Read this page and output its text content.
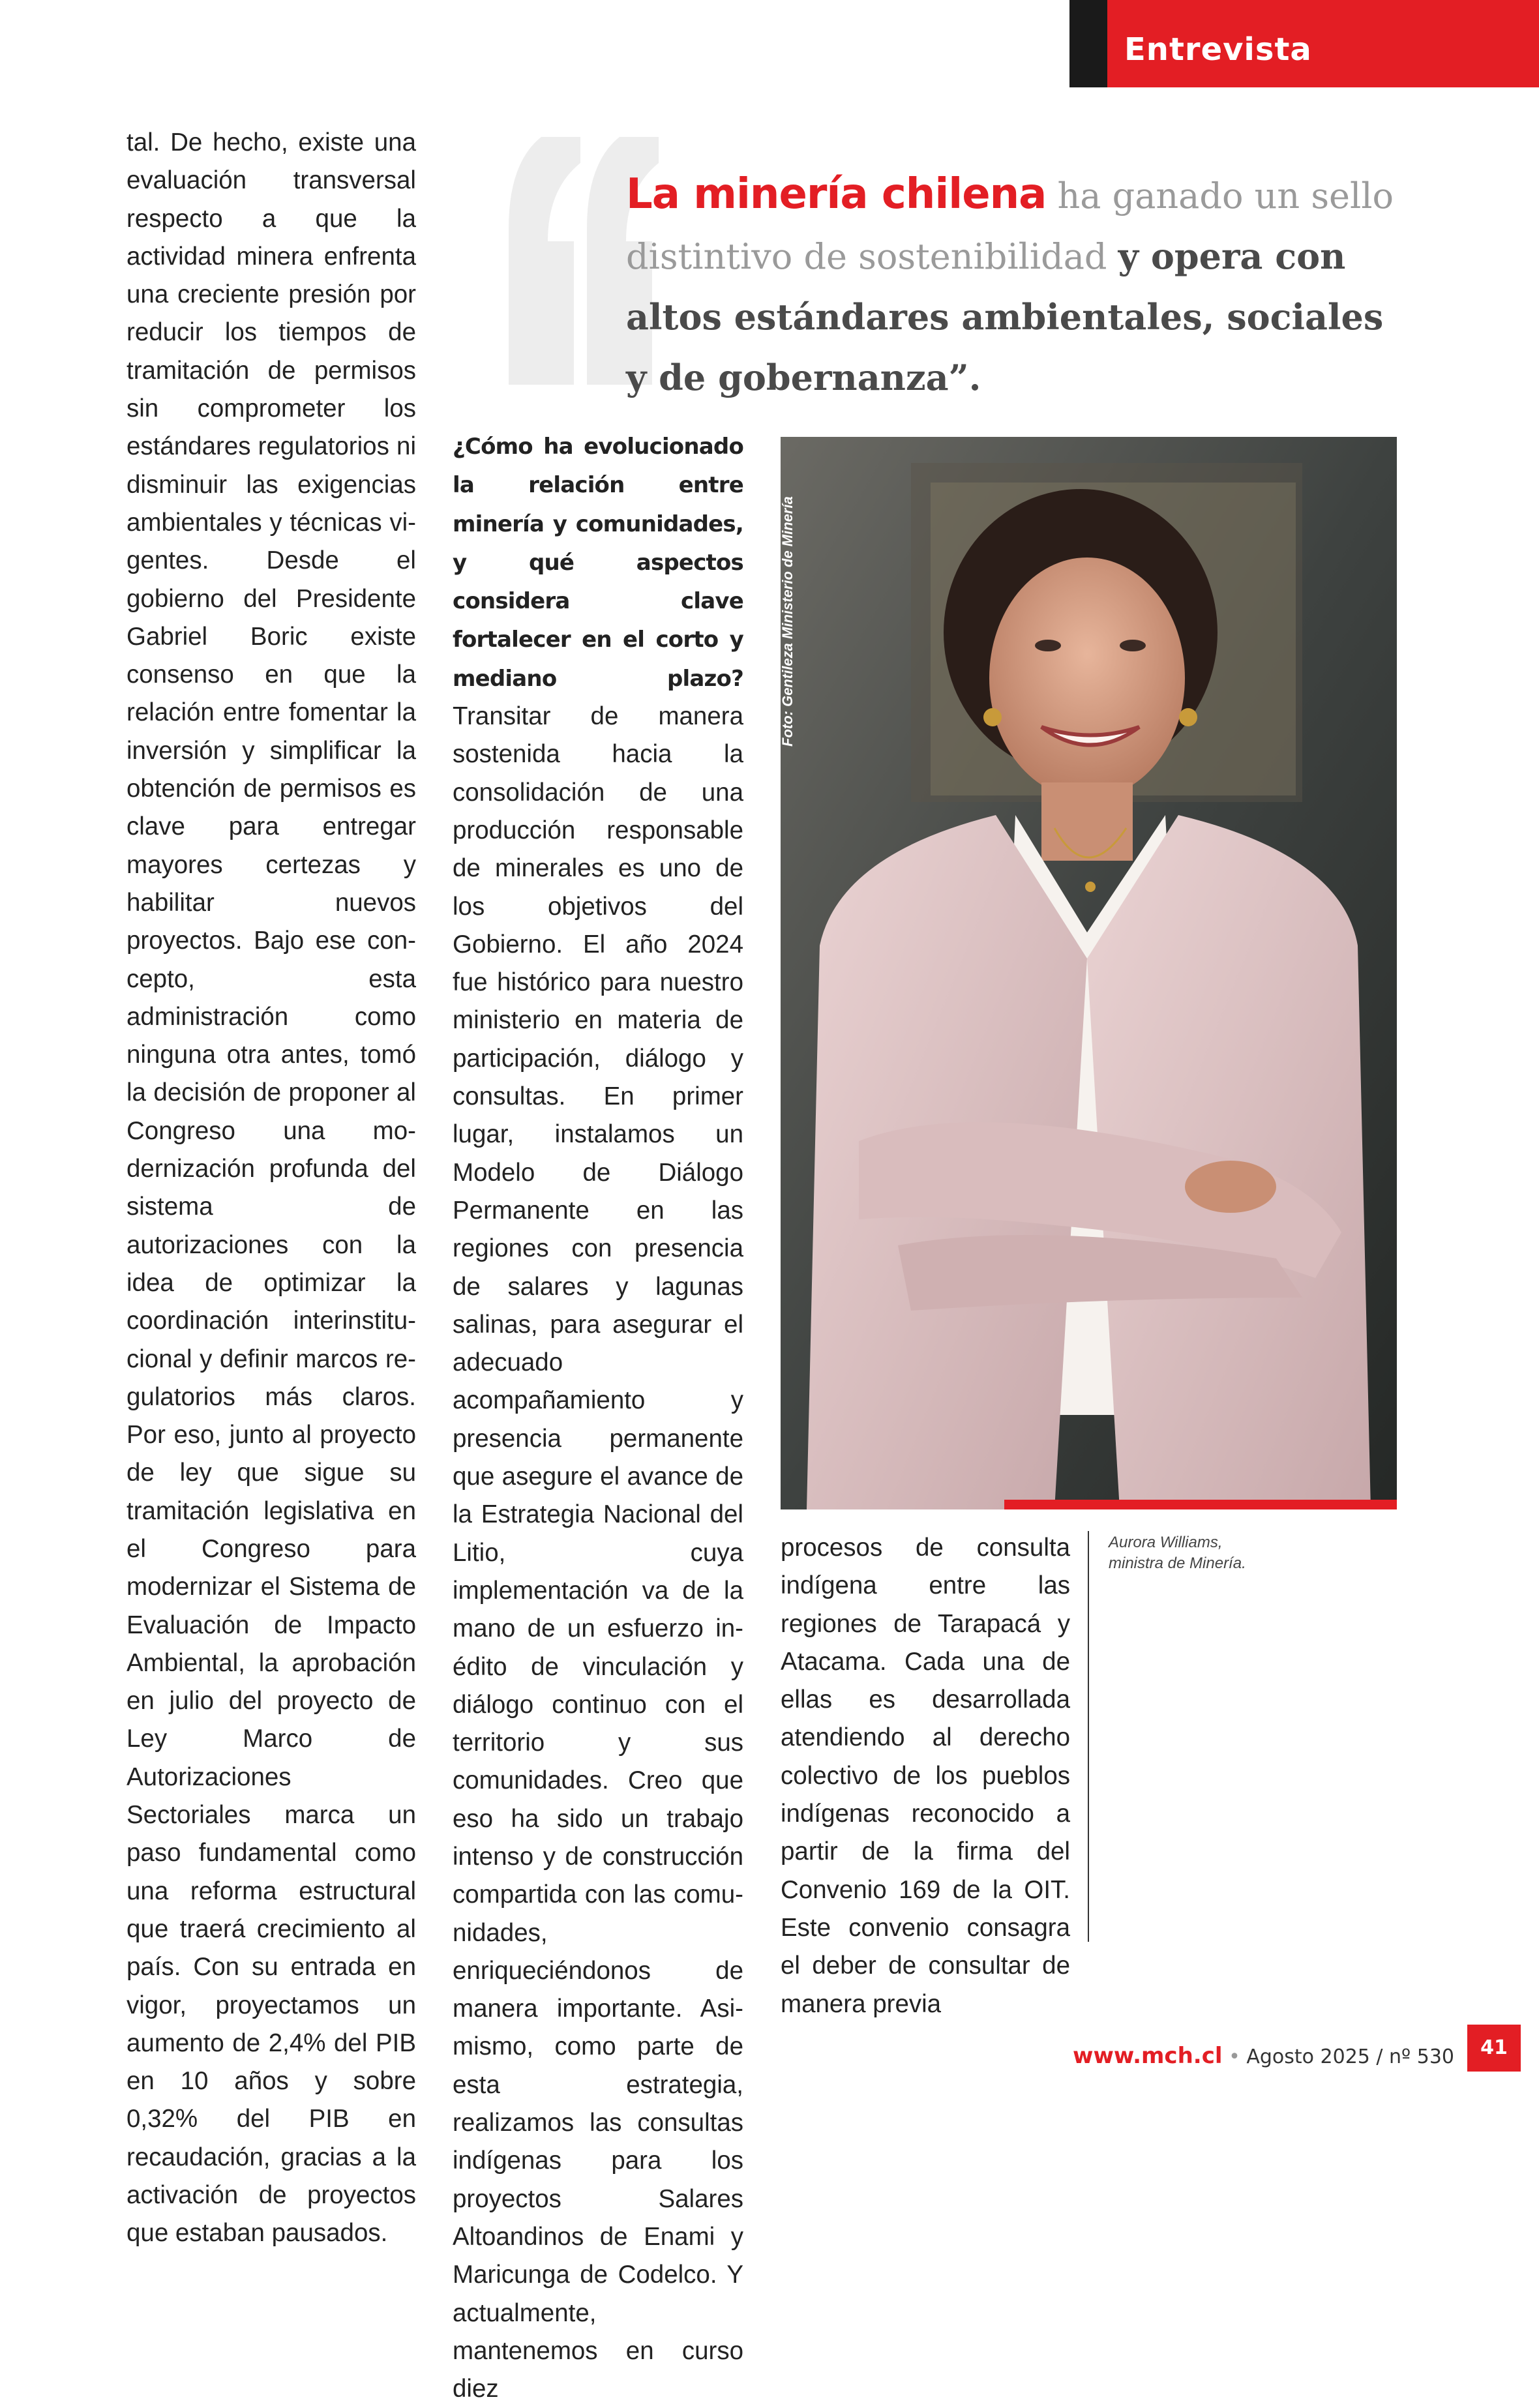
Entrevista
tal. De hecho, existe una evaluación transversal respecto a que la actividad minera enfrenta una creciente presión por reducir los tiempos de tramitación de permisos sin comprometer los estándares regulatorios ni disminuir las exigencias ambientales y técnicas vigentes. Desde el gobierno del Presidente Gabriel Boric existe consenso en que la relación entre fomentar la inversión y simplificar la obtención de permisos es clave para entregar mayores certezas y habilitar nuevos proyectos. Bajo ese concepto, esta administración como ninguna otra antes, tomó la decisión de proponer al Congreso una modernización profunda del sistema de autorizaciones con la idea de optimizar la coordinación interinstitucional y definir marcos regulatorios más claros. Por eso, junto al proyecto de ley que sigue su tramitación legislativa en el Congreso para modernizar el Sistema de Evaluación de Impacto Ambiental, la aprobación en julio del proyecto de Ley Marco de Autorizaciones Sectoriales marca un paso fundamental como una reforma estructural que traerá crecimiento al país. Con su entrada en vigor, proyectamos un aumento de 2,4% del PIB en 10 años y sobre 0,32% del PIB en recaudación, gracias a la activación de proyectos que estaban pausados.
La minería chilena ha ganado un sello distintivo de sostenibilidad y opera con altos estándares ambientales, sociales y de gobernanza”.
¿Cómo ha evolucionado la relación entre minería y comunidades, y qué aspectos considera clave fortalecer en el corto y mediano plazo? Transitar de manera sostenida hacia la consolidación de una producción responsable de minerales es uno de los objetivos del Gobierno. El año 2024 fue histórico para nuestro ministerio en materia de participación, diálogo y consultas. En primer lugar, instalamos un Modelo de Diálogo Permanente en las regiones con presencia de salares y lagunas salinas, para asegurar el adecuado acompañamiento y presencia permanente que asegure el avance de la Estrategia Nacional del Litio, cuya implementación va de la mano de un esfuerzo inédito de vinculación y diálogo continuo con el territorio y sus comunidades. Creo que eso ha sido un trabajo intenso y de construcción compartida con las comunidades, enriqueciéndonos de manera importante. Asimismo, como parte de esta estrategia, realizamos las consultas indígenas para los proyectos Salares Altoandinos de Enami y Maricunga de Codelco. Y actualmente, mantenemos en curso diez
Foto: Gentileza Ministerio de Minería
procesos de consulta indígena entre las regiones de Tarapacá y Atacama. Cada una de ellas es desarrollada atendiendo al derecho colectivo de los pueblos indígenas reconocido a partir de la firma del Convenio 169 de la OIT. Este convenio consagra el deber de consultar de manera previa
Aurora Williams,
ministra de Minería.
www.mch.cl • Agosto 2025 / nº 530	41
